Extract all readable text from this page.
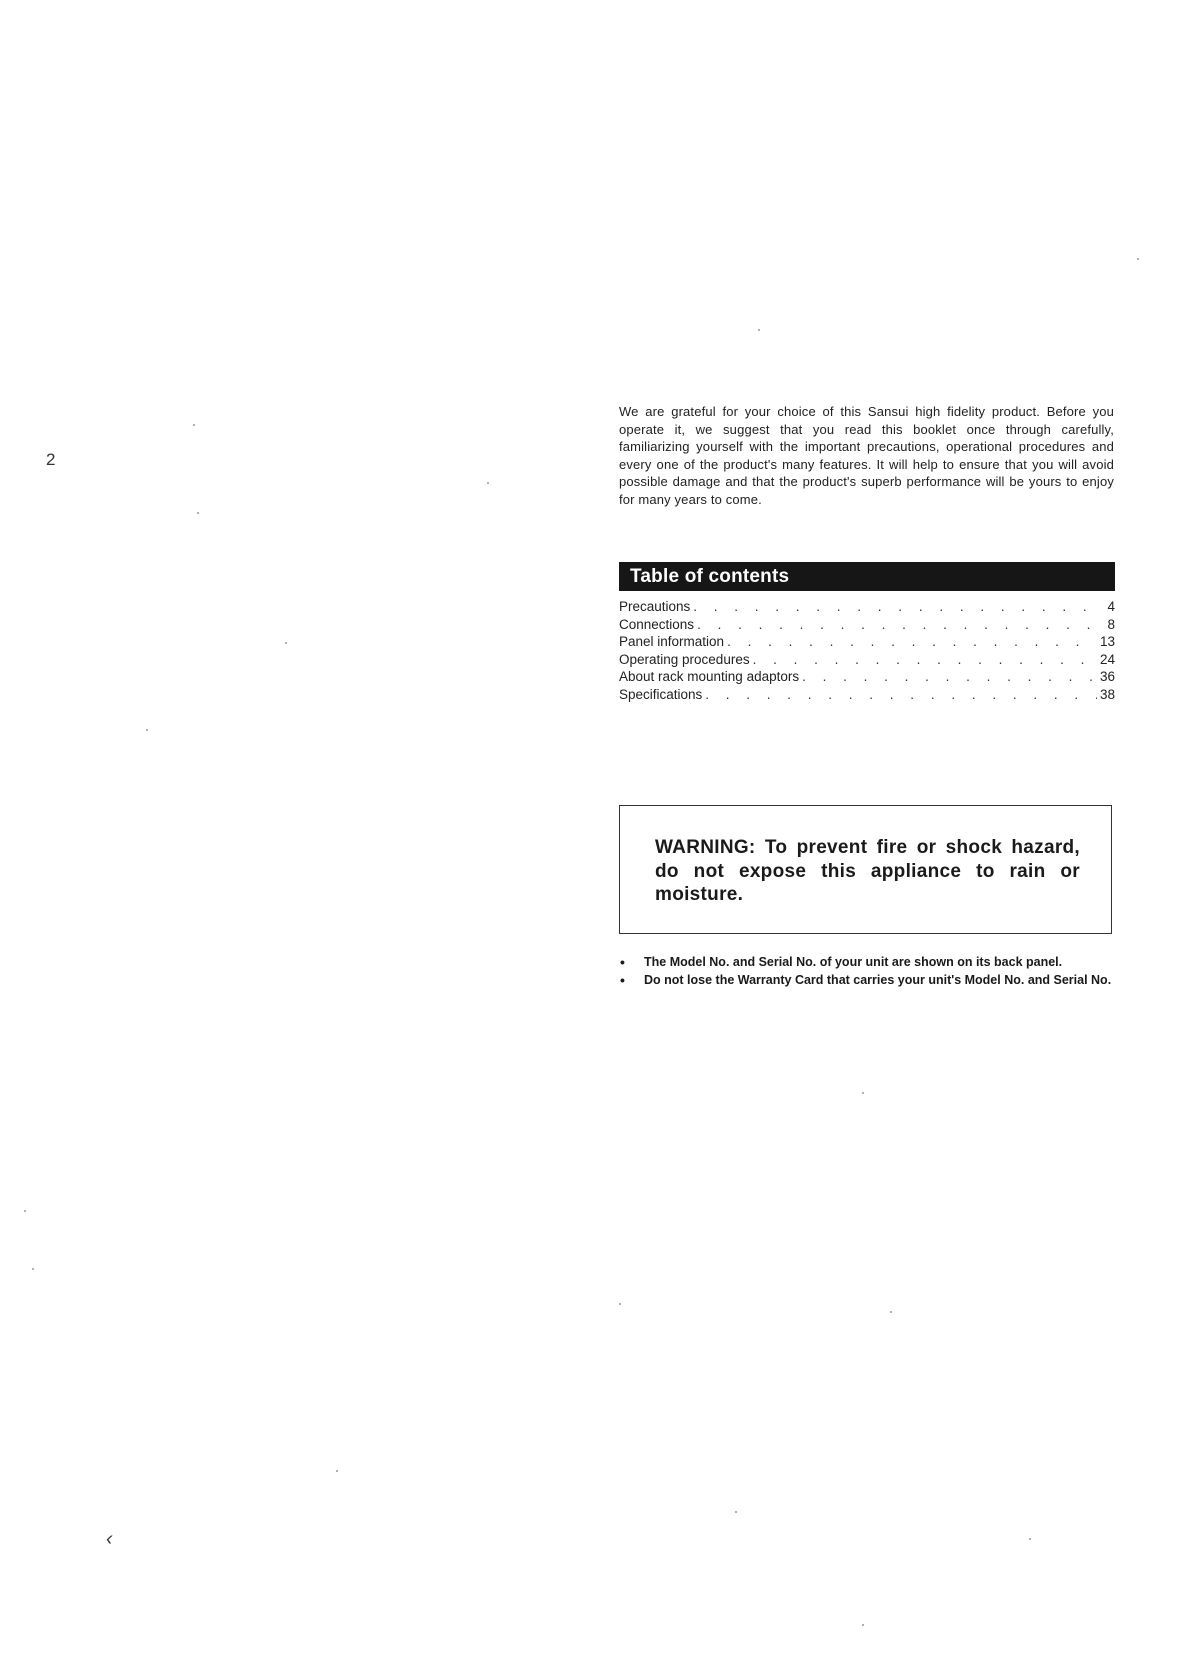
2

We are grateful for your choice of this Sansui high fidelity product. Before you operate it, we suggest that you read this booklet once through carefully, familiarizing yourself with the important precautions, operational procedures and every one of the product's many features. It will help to ensure that you will avoid possible damage and that the product's superb performance will be yours to enjoy for many years to come.

Table of contents
Precautions . . .	4
Connections . . .	8
Panel information . . .	13
Operating procedures . . .	24
About rack mounting adaptors . . .	36
Specifications . . .	38
WARNING: To prevent fire or shock hazard, do not expose this appliance to rain or moisture.
• The Model No. and Serial No. of your unit are shown on its back panel.
• Do not lose the Warranty Card that carries your unit's Model No. and Serial No.
‹
